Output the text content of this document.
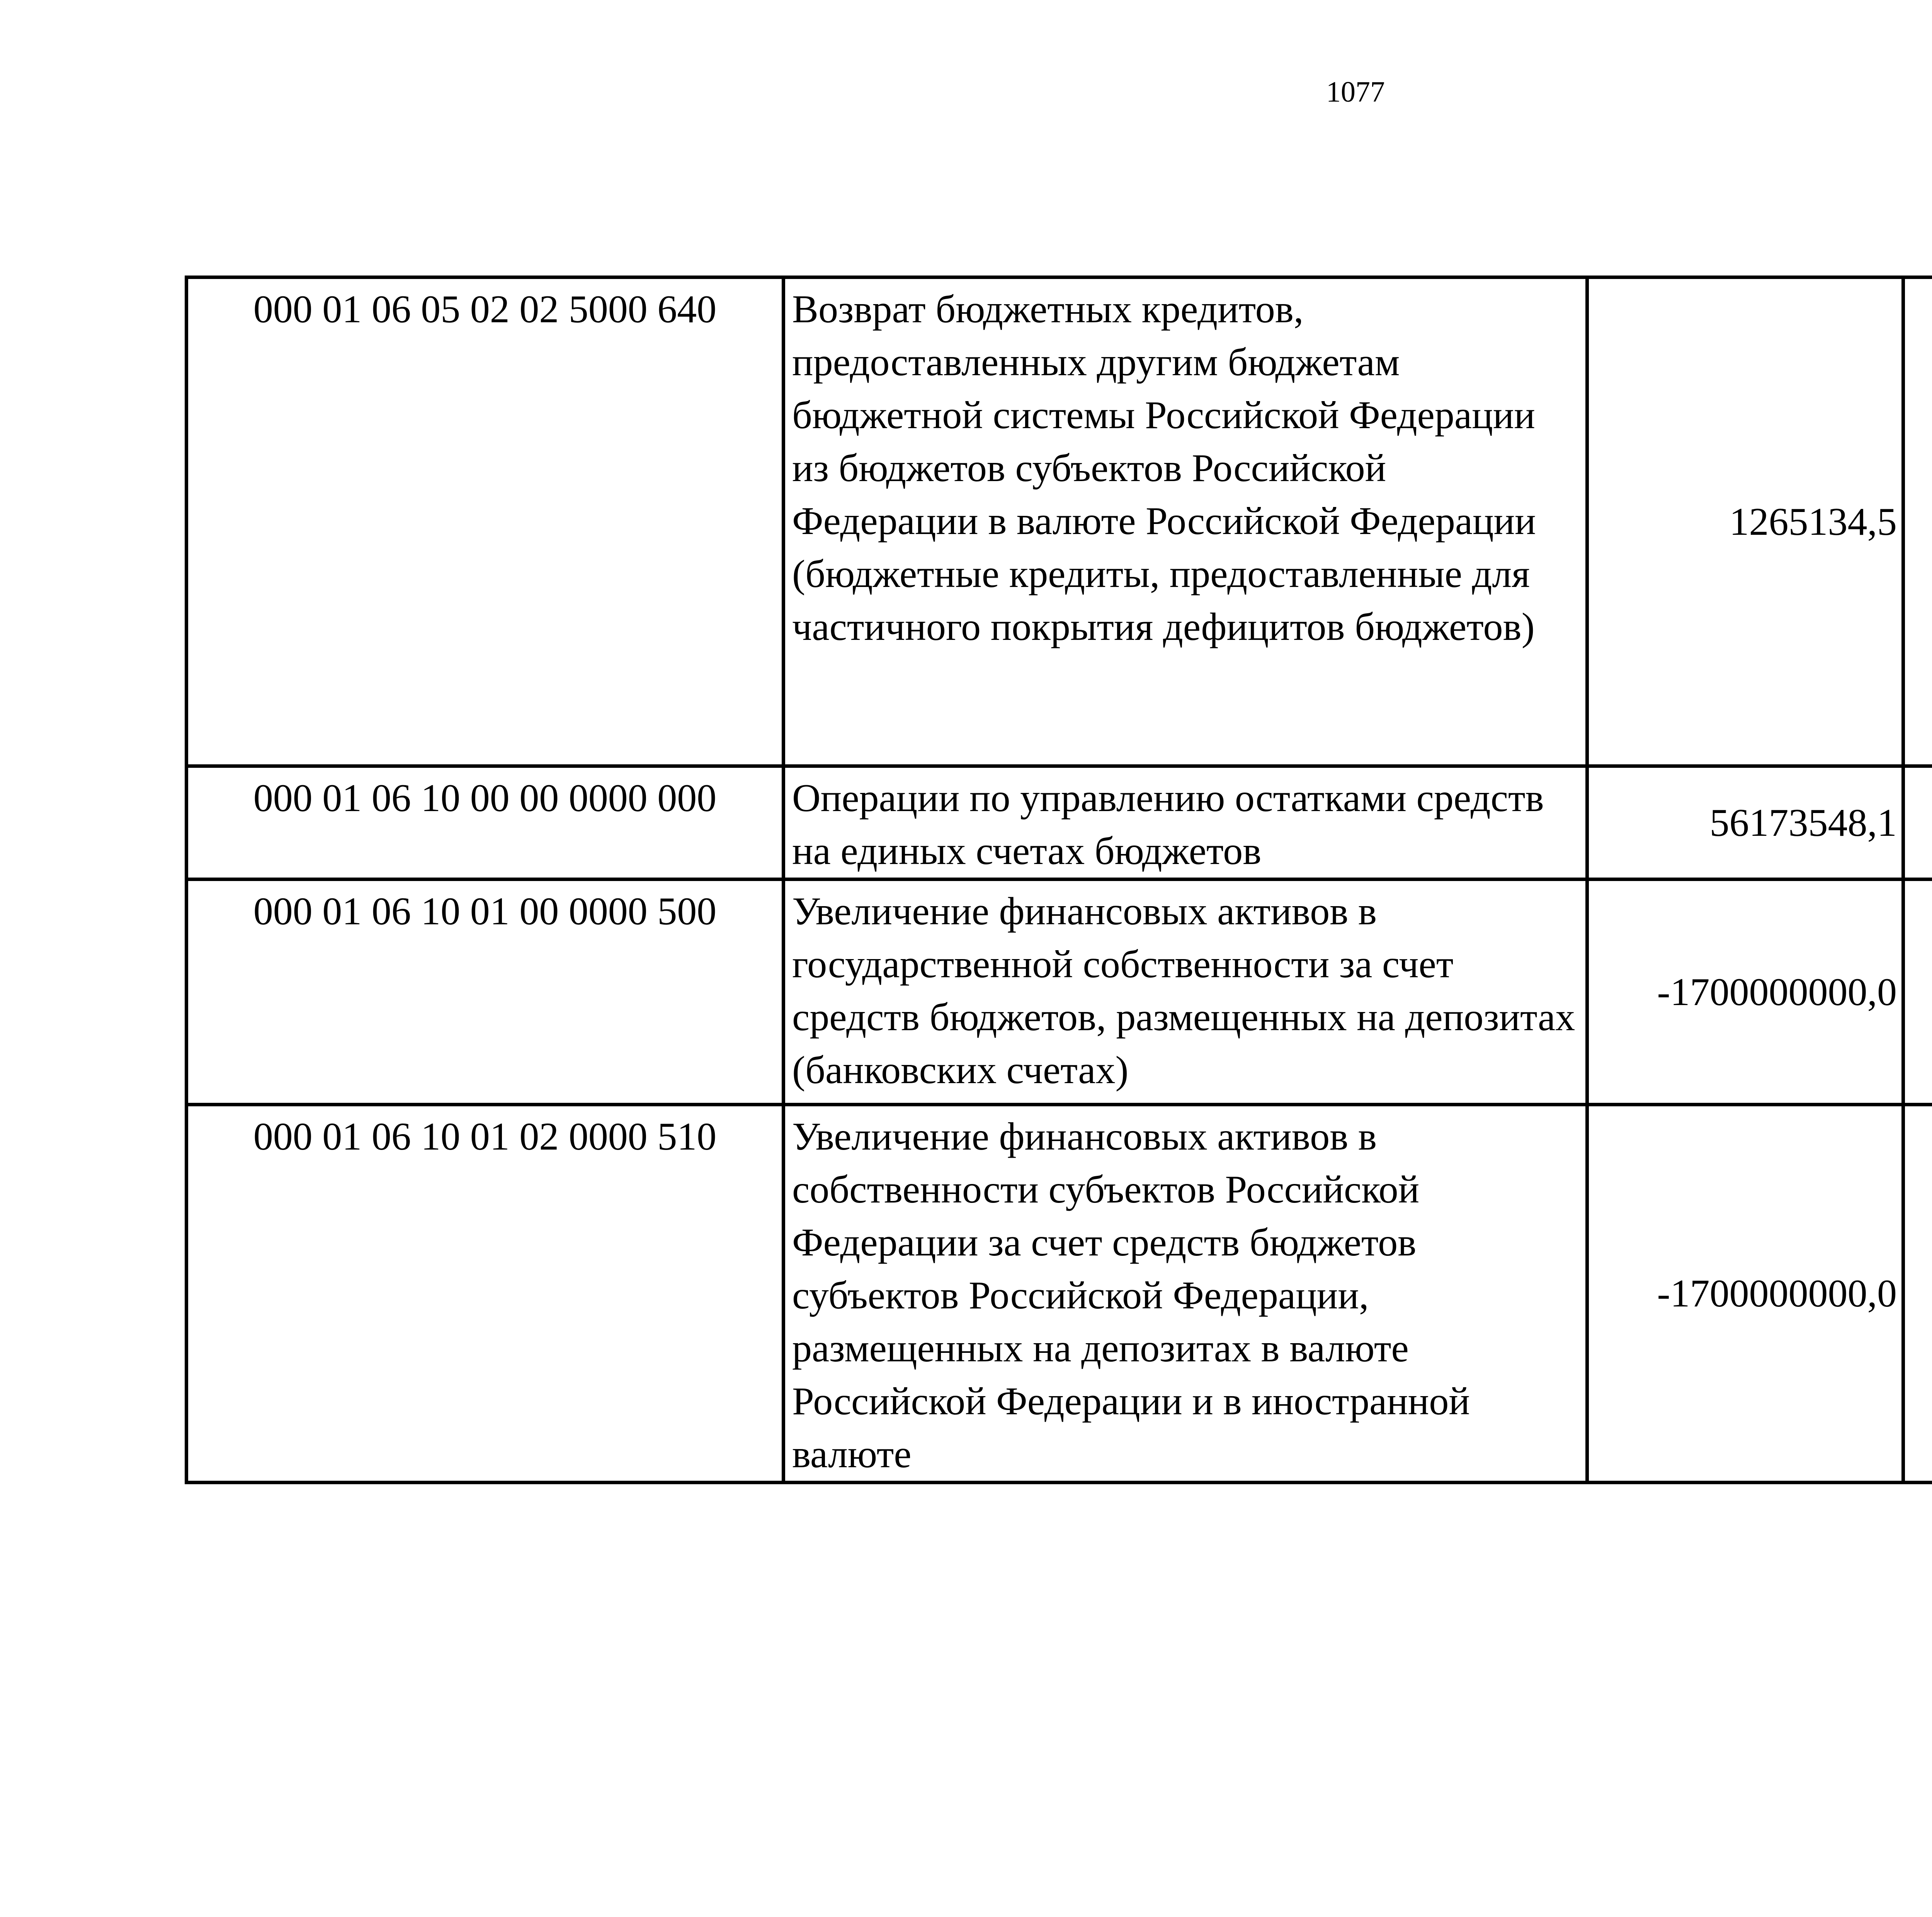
1077
000 01 06 05 02 02 5000 640	Возврат бюджетных кредитов, предоставленных другим бюджетам бюджетной системы Российской Федерации из бюджетов субъектов Российской Федерации в валюте Российской Федерации (бюджетные кредиты, предоставленные для частичного покрытия дефицитов бюджетов)	1265134,5		
000 01 06 10 00 00 0000 000	Операции по управлению остатками средств на единых счетах бюджетов	56173548,1		
000 01 06 10 01 00 0000 500	Увеличение финансовых активов в государственной собственности за счет средств бюджетов, размещенных на депозитах (банковских счетах)	-1700000000,0		
000 01 06 10 01 02 0000 510	Увеличение финансовых активов в собственности субъектов Российской Федерации за счет средств бюджетов субъектов Российской Федерации, размещенных на депозитах в валюте Российской Федерации и в иностранной валюте	-1700000000,0		
